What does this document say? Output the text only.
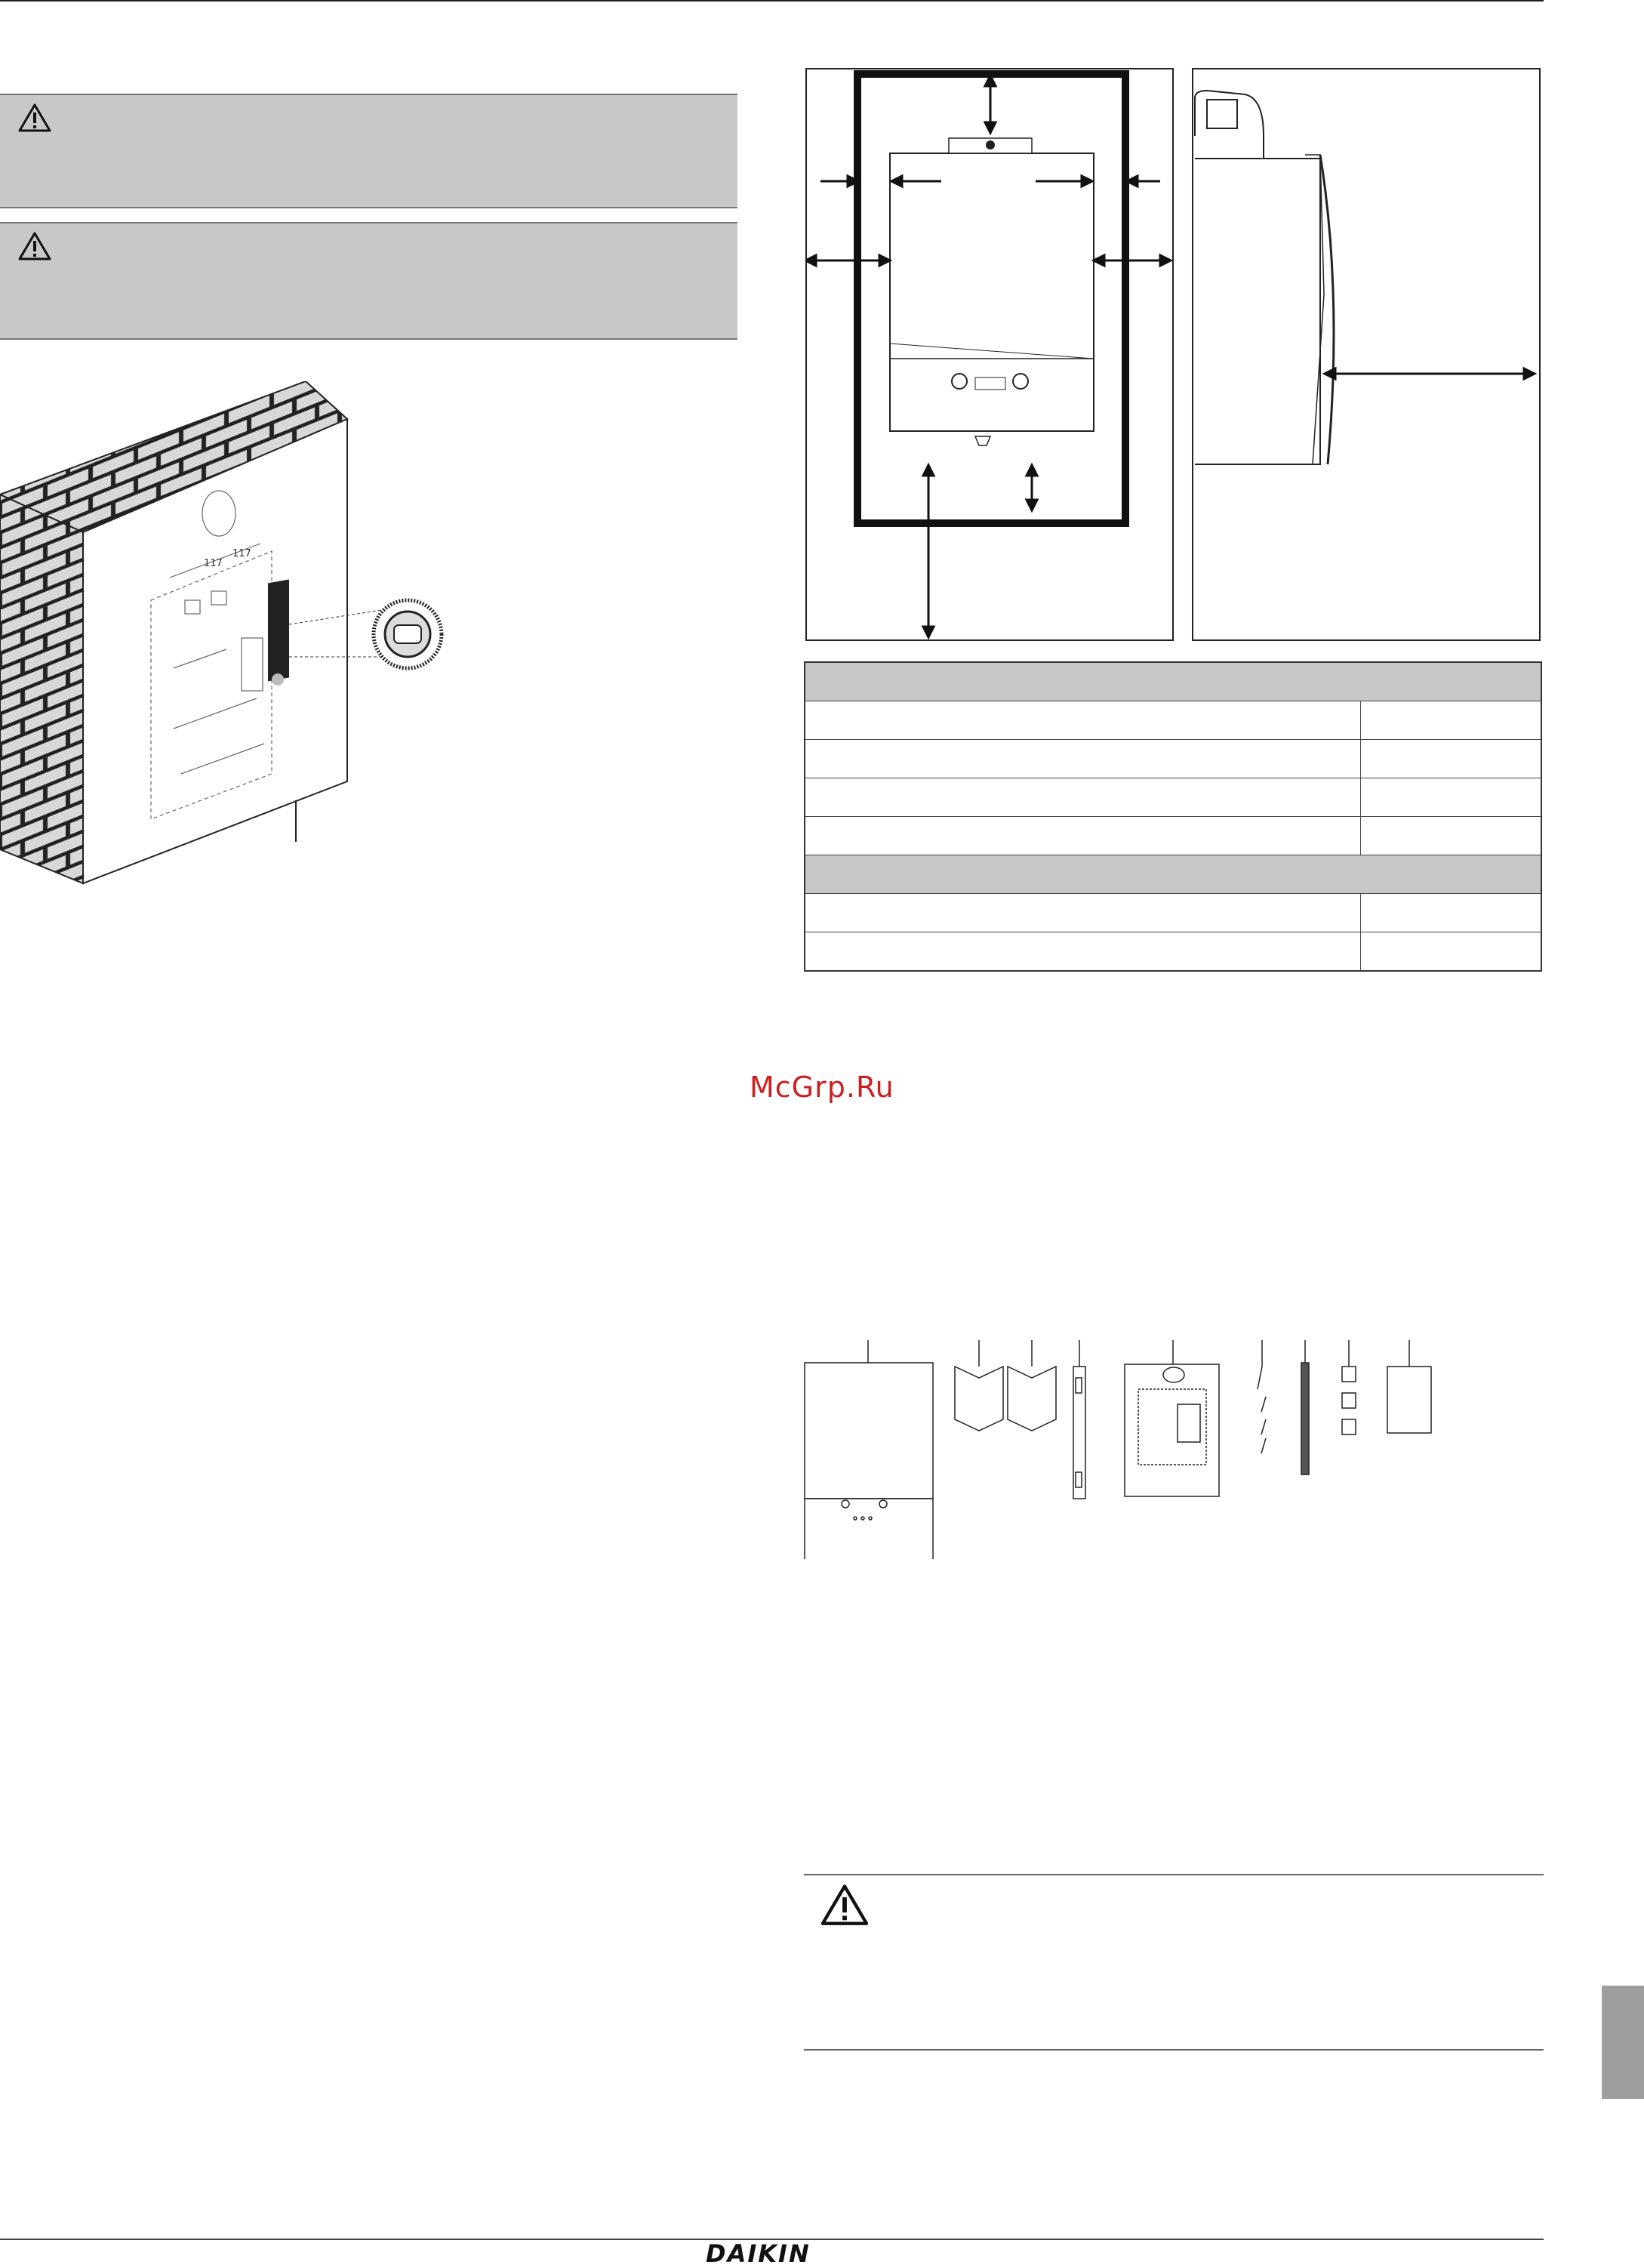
117
117

McGrp.Ru
DAIKIN
